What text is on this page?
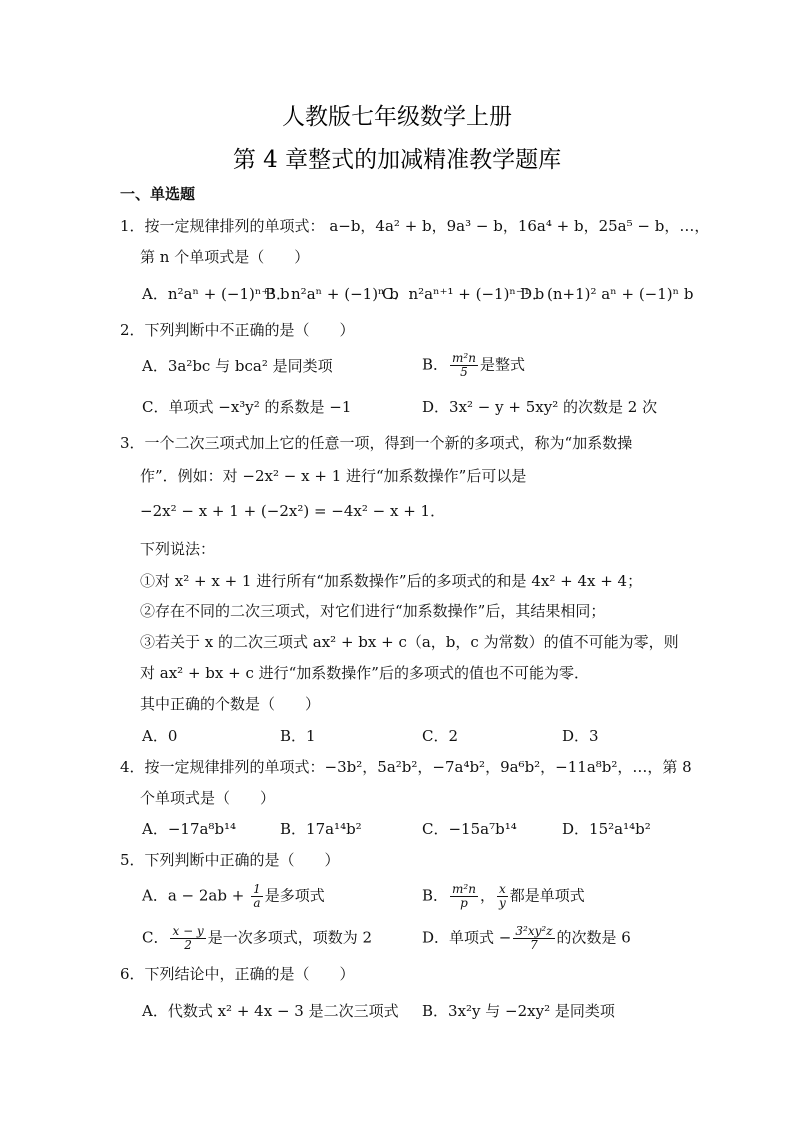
人教版七年级数学上册
第 4 章整式的加减精准教学题库
一、单选题
1．按一定规律排列的单项式： a−b，4a² + b，9a³ − b，16a⁴ + b，25a⁵ − b，…，
第 n 个单项式是（　　）
A．n²aⁿ + (−1)ⁿ⁺¹ b
B．n²aⁿ + (−1)ⁿ b
C．n²aⁿ⁺¹ + (−1)ⁿ⁻¹ b
D．(n+1)² aⁿ + (−1)ⁿ b
2．下列判断中不正确的是（　　）
A．3a²bc 与 bca² 是同类项	B． $\frac{\text{m²n}}{5}$ 是整式
C．单项式 −x³y² 的系数是 −1	D．3x² − y + 5xy² 的次数是 2 次
3．一个二次三项式加上它的任意一项，得到一个新的多项式，称为“加系数操
作”．例如：对 −2x² − x + 1 进行“加系数操作”后可以是
−2x² − x + 1 + (−2x²) = −4x² − x + 1．
下列说法：
①对 x² + x + 1 进行所有“加系数操作”后的多项式的和是 4x² + 4x + 4；
②存在不同的二次三项式，对它们进行“加系数操作”后，其结果相同；
③若关于 x 的二次三项式 ax² + bx + c（a，b，c 为常数）的值不可能为零，则
对 ax² + bx + c 进行“加系数操作”后的多项式的值也不可能为零．
其中正确的个数是（　　）
A．0	B．1	C．2	D．3
4．按一定规律排列的单项式：−3b²，5a²b²，−7a⁴b²，9a⁶b²，−11a⁸b²，…，第 8
个单项式是（　　）
A．−17a⁸b¹⁴	B．17a¹⁴b²	C．−15a⁷b¹⁴	D．15²a¹⁴b²
5．下列判断中正确的是（　　）
A．$a - 2ab + \frac{1}{a}$ 是多项式	B． $\frac{\text{m²n}}{p}$ ， $\frac{x}{y}$ 都是单项式
C． $\frac{x - y}{2}$ 是一次多项式，项数为 2	D．单项式 − $\frac{\text{3²xy²z}}{7}$ 的次数是 6
6．下列结论中，正确的是（　　）
A．代数式 x² + 4x − 3 是二次三项式 B．3x²y 与 −2xy² 是同类项
